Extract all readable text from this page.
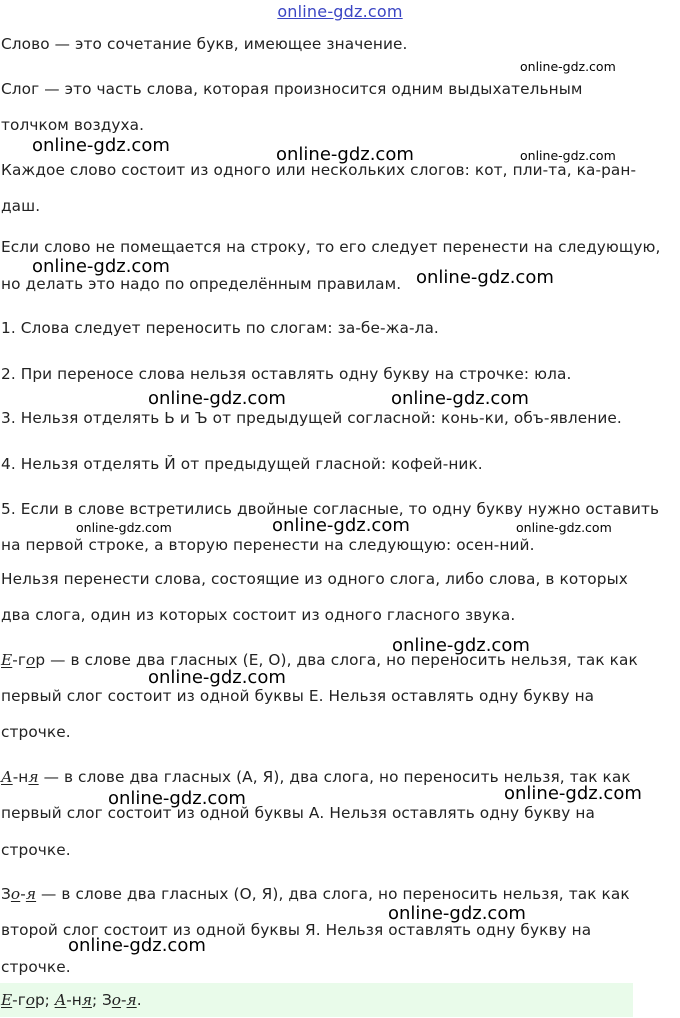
online-gdz.com
Слово — это сочетание букв, имеющее значение.
Слог — это часть слова, которая произносится одним выдыхательным
толчком воздуха.
Каждое слово состоит из одного или нескольких слогов: кот, пли-та, ка-ран-
даш.
Если слово не помещается на строку, то его следует перенести на следующую,
но делать это надо по определённым правилам.
1. Слова следует переносить по слогам: за-бе-жа-ла.
2. При переносе слова нельзя оставлять одну букву на строчке: юла.
3. Нельзя отделять Ь и Ъ от предыдущей согласной: конь-ки, объ-явление.
4. Нельзя отделять Й от предыдущей гласной: кофей-ник.
5. Если в слове встретились двойные согласные, то одну букву нужно оставить
на первой строке, а вторую перенести на следующую: осен-ний.
Нельзя перенести слова, состоящие из одного слога, либо слова, в которых
два слога, один из которых состоит из одного гласного звука.
Е-гор — в слове два гласных (Е, О), два слога, но переносить нельзя, так как
первый слог состоит из одной буквы Е. Нельзя оставлять одну букву на
строчке.
А-ня — в слове два гласных (А, Я), два слога, но переносить нельзя, так как
первый слог состоит из одной буквы А. Нельзя оставлять одну букву на
строчке.
Зо-я — в слове два гласных (О, Я), два слога, но переносить нельзя, так как
второй слог состоит из одной буквы Я. Нельзя оставлять одну букву на
строчке.
Е-гор; А-ня; Зо-я.
online-gdz.com
online-gdz.com	online-gdz.com	online-gdz.com
online-gdz.com
online-gdz.com
online-gdz.com	online-gdz.com
online-gdz.com	online-gdz.com	online-gdz.com
online-gdz.com
online-gdz.com
online-gdz.com	online-gdz.com
online-gdz.com
online-gdz.com
